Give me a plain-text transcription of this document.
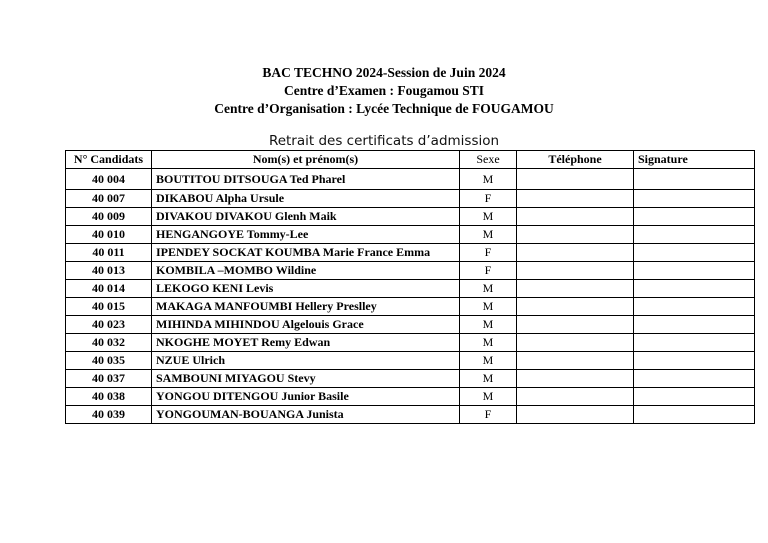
BAC TECHNO 2024-Session de Juin 2024
Centre d’Examen : Fougamou STI
Centre d’Organisation : Lycée Technique de FOUGAMOU
Retrait des certificats d’admission
N° Candidats	Nom(s) et prénom(s)	Sexe	Téléphone	Signature
40 004	BOUTITOU DITSOUGA Ted Pharel	M		
40 007	DIKABOU Alpha Ursule	F		
40 009	DIVAKOU DIVAKOU Glenh Maik	M		
40 010	HENGANGOYE Tommy-Lee	M		
40 011	IPENDEY SOCKAT KOUMBA Marie France Emma	F		
40 013	KOMBILA –MOMBO Wildine	F		
40 014	LEKOGO KENI Levis	M		
40 015	MAKAGA MANFOUMBI Hellery Preslley	M		
40 023	MIHINDA MIHINDOU Algelouis Grace	M		
40 032	NKOGHE MOYET Remy Edwan	M		
40 035	NZUE Ulrich	M		
40 037	SAMBOUNI MIYAGOU Stevy	M		
40 038	YONGOU DITENGOU Junior Basile	M		
40 039	YONGOUMAN-BOUANGA Junista	F		
